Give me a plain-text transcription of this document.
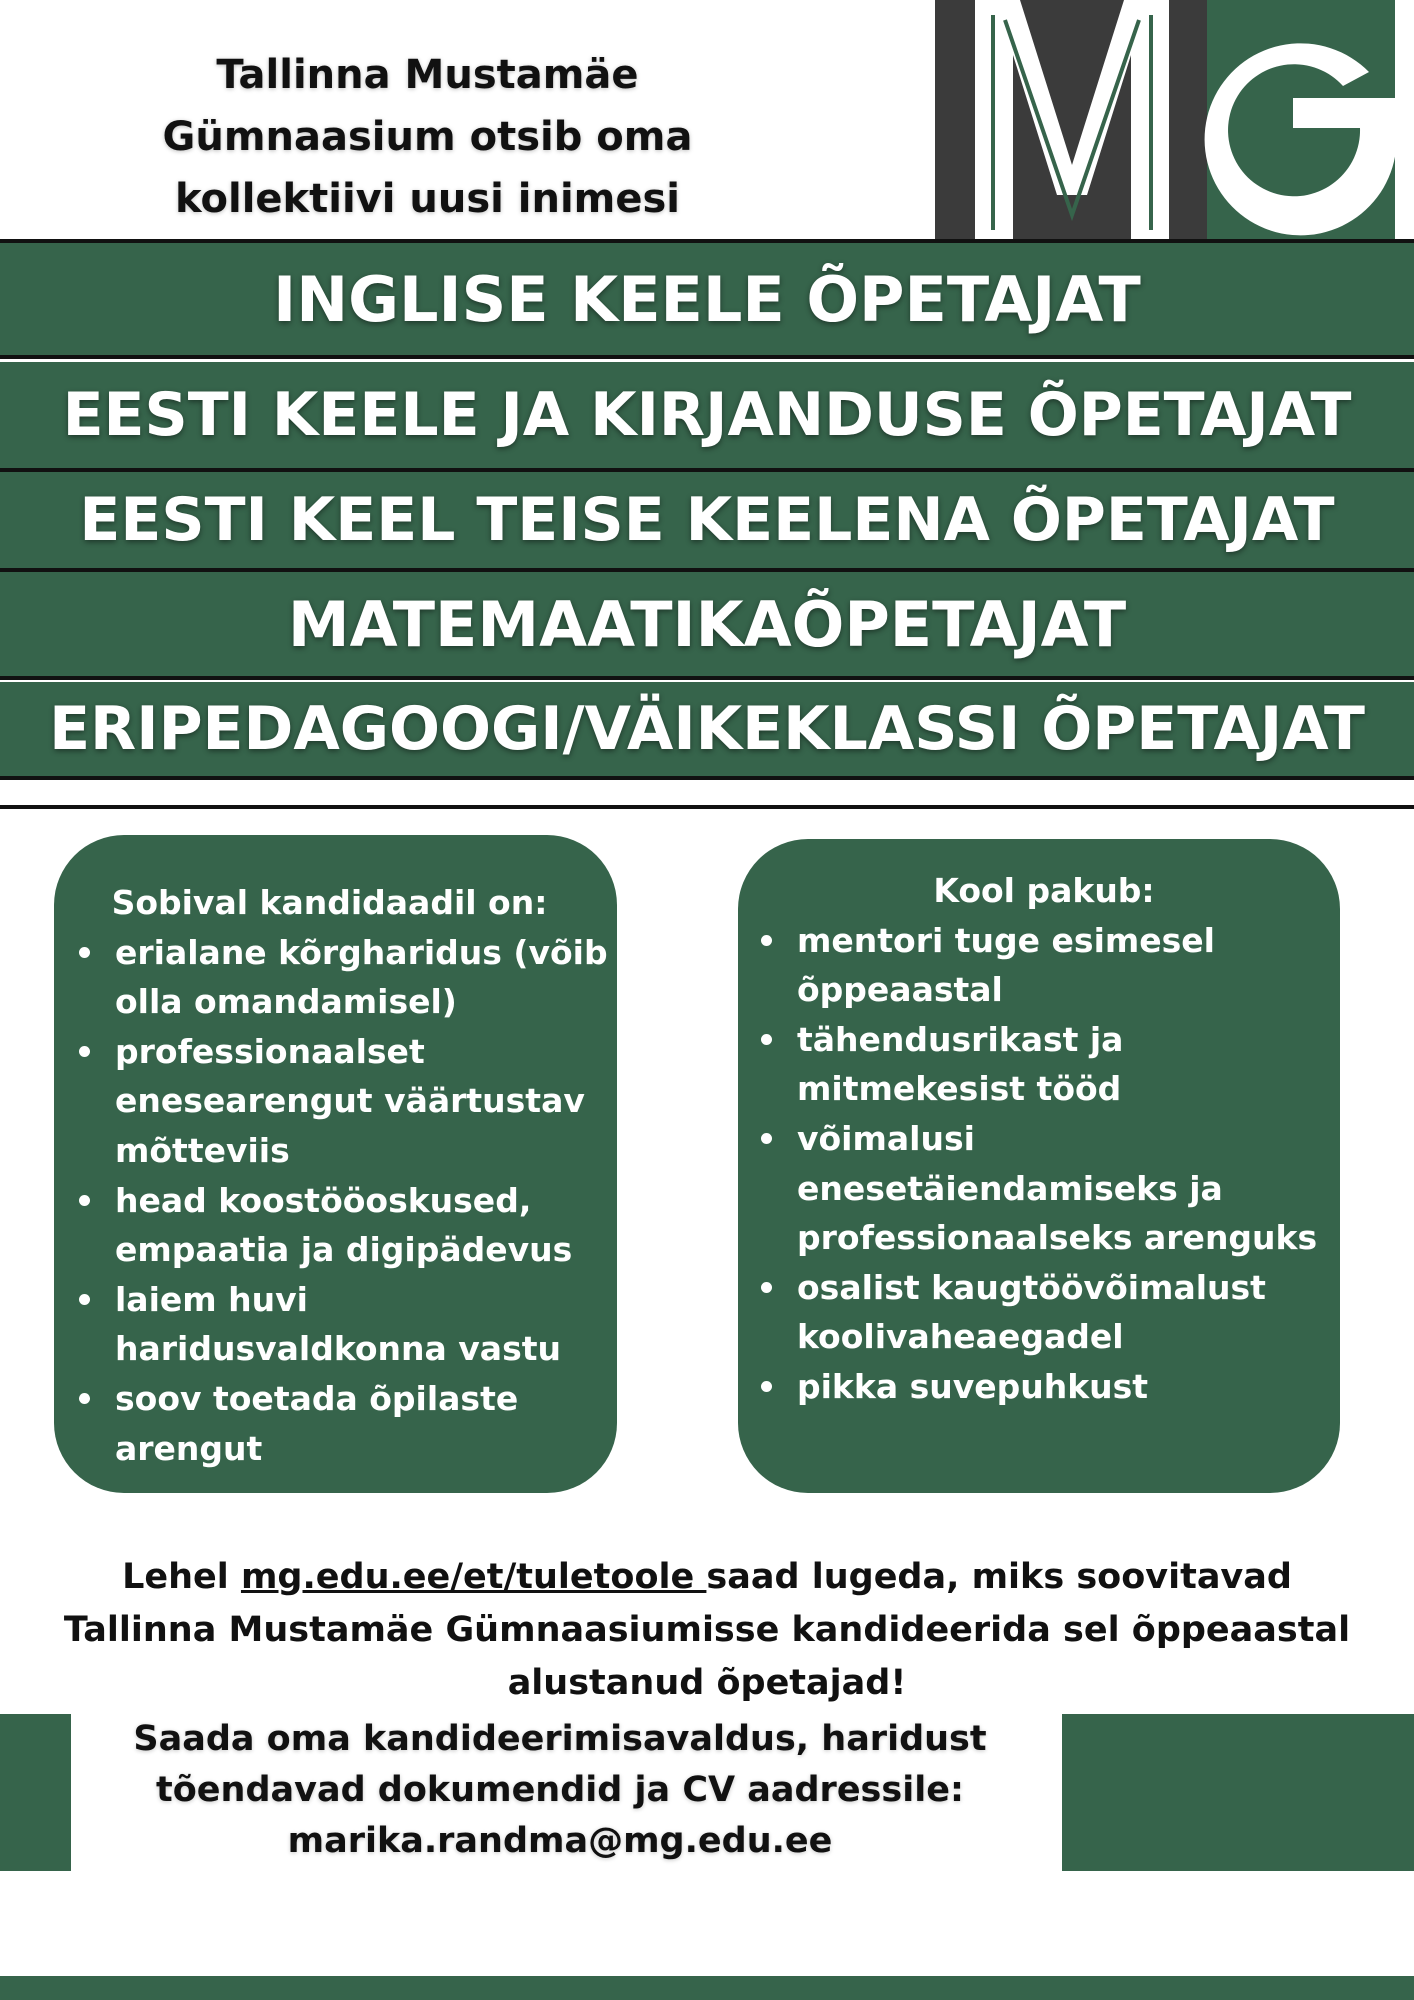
Tallinna Mustamäe
Gümnaasium otsib oma
kollektiivi uusi inimesi
INGLISE KEELE ÕPETAJAT
EESTI KEELE JA KIRJANDUSE ÕPETAJAT
EESTI KEEL TEISE KEELENA ÕPETAJAT
MATEMAATIKAÕPETAJAT
ERIPEDAGOOGI/VÄIKEKLASSI ÕPETAJAT
Sobival kandidaadil on:
erialane kõrgharidus (võib olla omandamisel)
professionaalset enesearengut väärtustav mõtteviis
head koostööoskused, empaatia ja digipädevus
laiem huvi haridusvaldkonna vastu
soov toetada õpilaste arengut
Kool pakub:
mentori tuge esimesel õppeaastal
tähendusrikast ja mitmekesist tööd
võimalusi enesetäiendamiseks ja professionaalseks arenguks
osalist kaugtöövõimalust koolivaheaegadel
pikka suvepuhkust

Lehel mg.edu.ee/et/tuletoole saad lugeda, miks soovitavad Tallinna Mustamäe Gümnaasiumisse kandideerida sel õppeaastal alustanud õpetajad!

Saada oma kandideerimisavaldus, haridust
tõendavad dokumendid ja CV aadressile:
marika.randma@mg.edu.ee
